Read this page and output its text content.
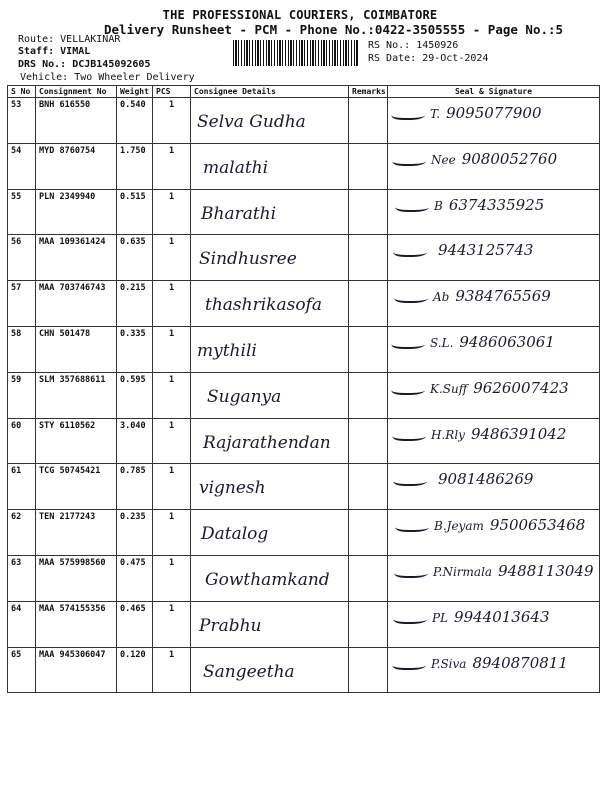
THE PROFESSIONAL COURIERS, COIMBATORE
Delivery Runsheet - PCM - Phone No.:0422-3505555 - Page No.:5
Route: VELLAKINAR
Staff: VIMAL
DRS No.: DCJB145092605
Vehicle: Two Wheeler Delivery
RS No.: 1450926
RS Date: 29-Oct-2024
S No	Consignment No	Weight	PCS	Consignee Details	Remarks	Seal & Signature
53	BNH 616550	0.540	1	Selva Gudha		T. 9095077900

54	MYD 8760754	1.750	1	malathi		Nee 9080052760

55	PLN 2349940	0.515	1	Bharathi		B 6374335925

56	MAA 109361424	0.635	1	Sindhusree		9443125743

57	MAA 703746743	0.215	1	thashrikasofa		Ab 9384765569

58	CHN 501478	0.335	1	mythili		S.L. 9486063061

59	SLM 357688611	0.595	1	Suganya		K.Suff 9626007423

60	STY 6110562	3.040	1	Rajarathendan		H.Rly 9486391042

61	TCG 50745421	0.785	1	vignesh		9081486269

62	TEN 2177243	0.235	1	Datalog		B.Jeyam 9500653468

63	MAA 575998560	0.475	1	Gowthamkand		P.Nirmala 9488113049

64	MAA 574155356	0.465	1	Prabhu		PL 9944013643

65	MAA 945306047	0.120	1	Sangeetha		P.Siva 8940870811
